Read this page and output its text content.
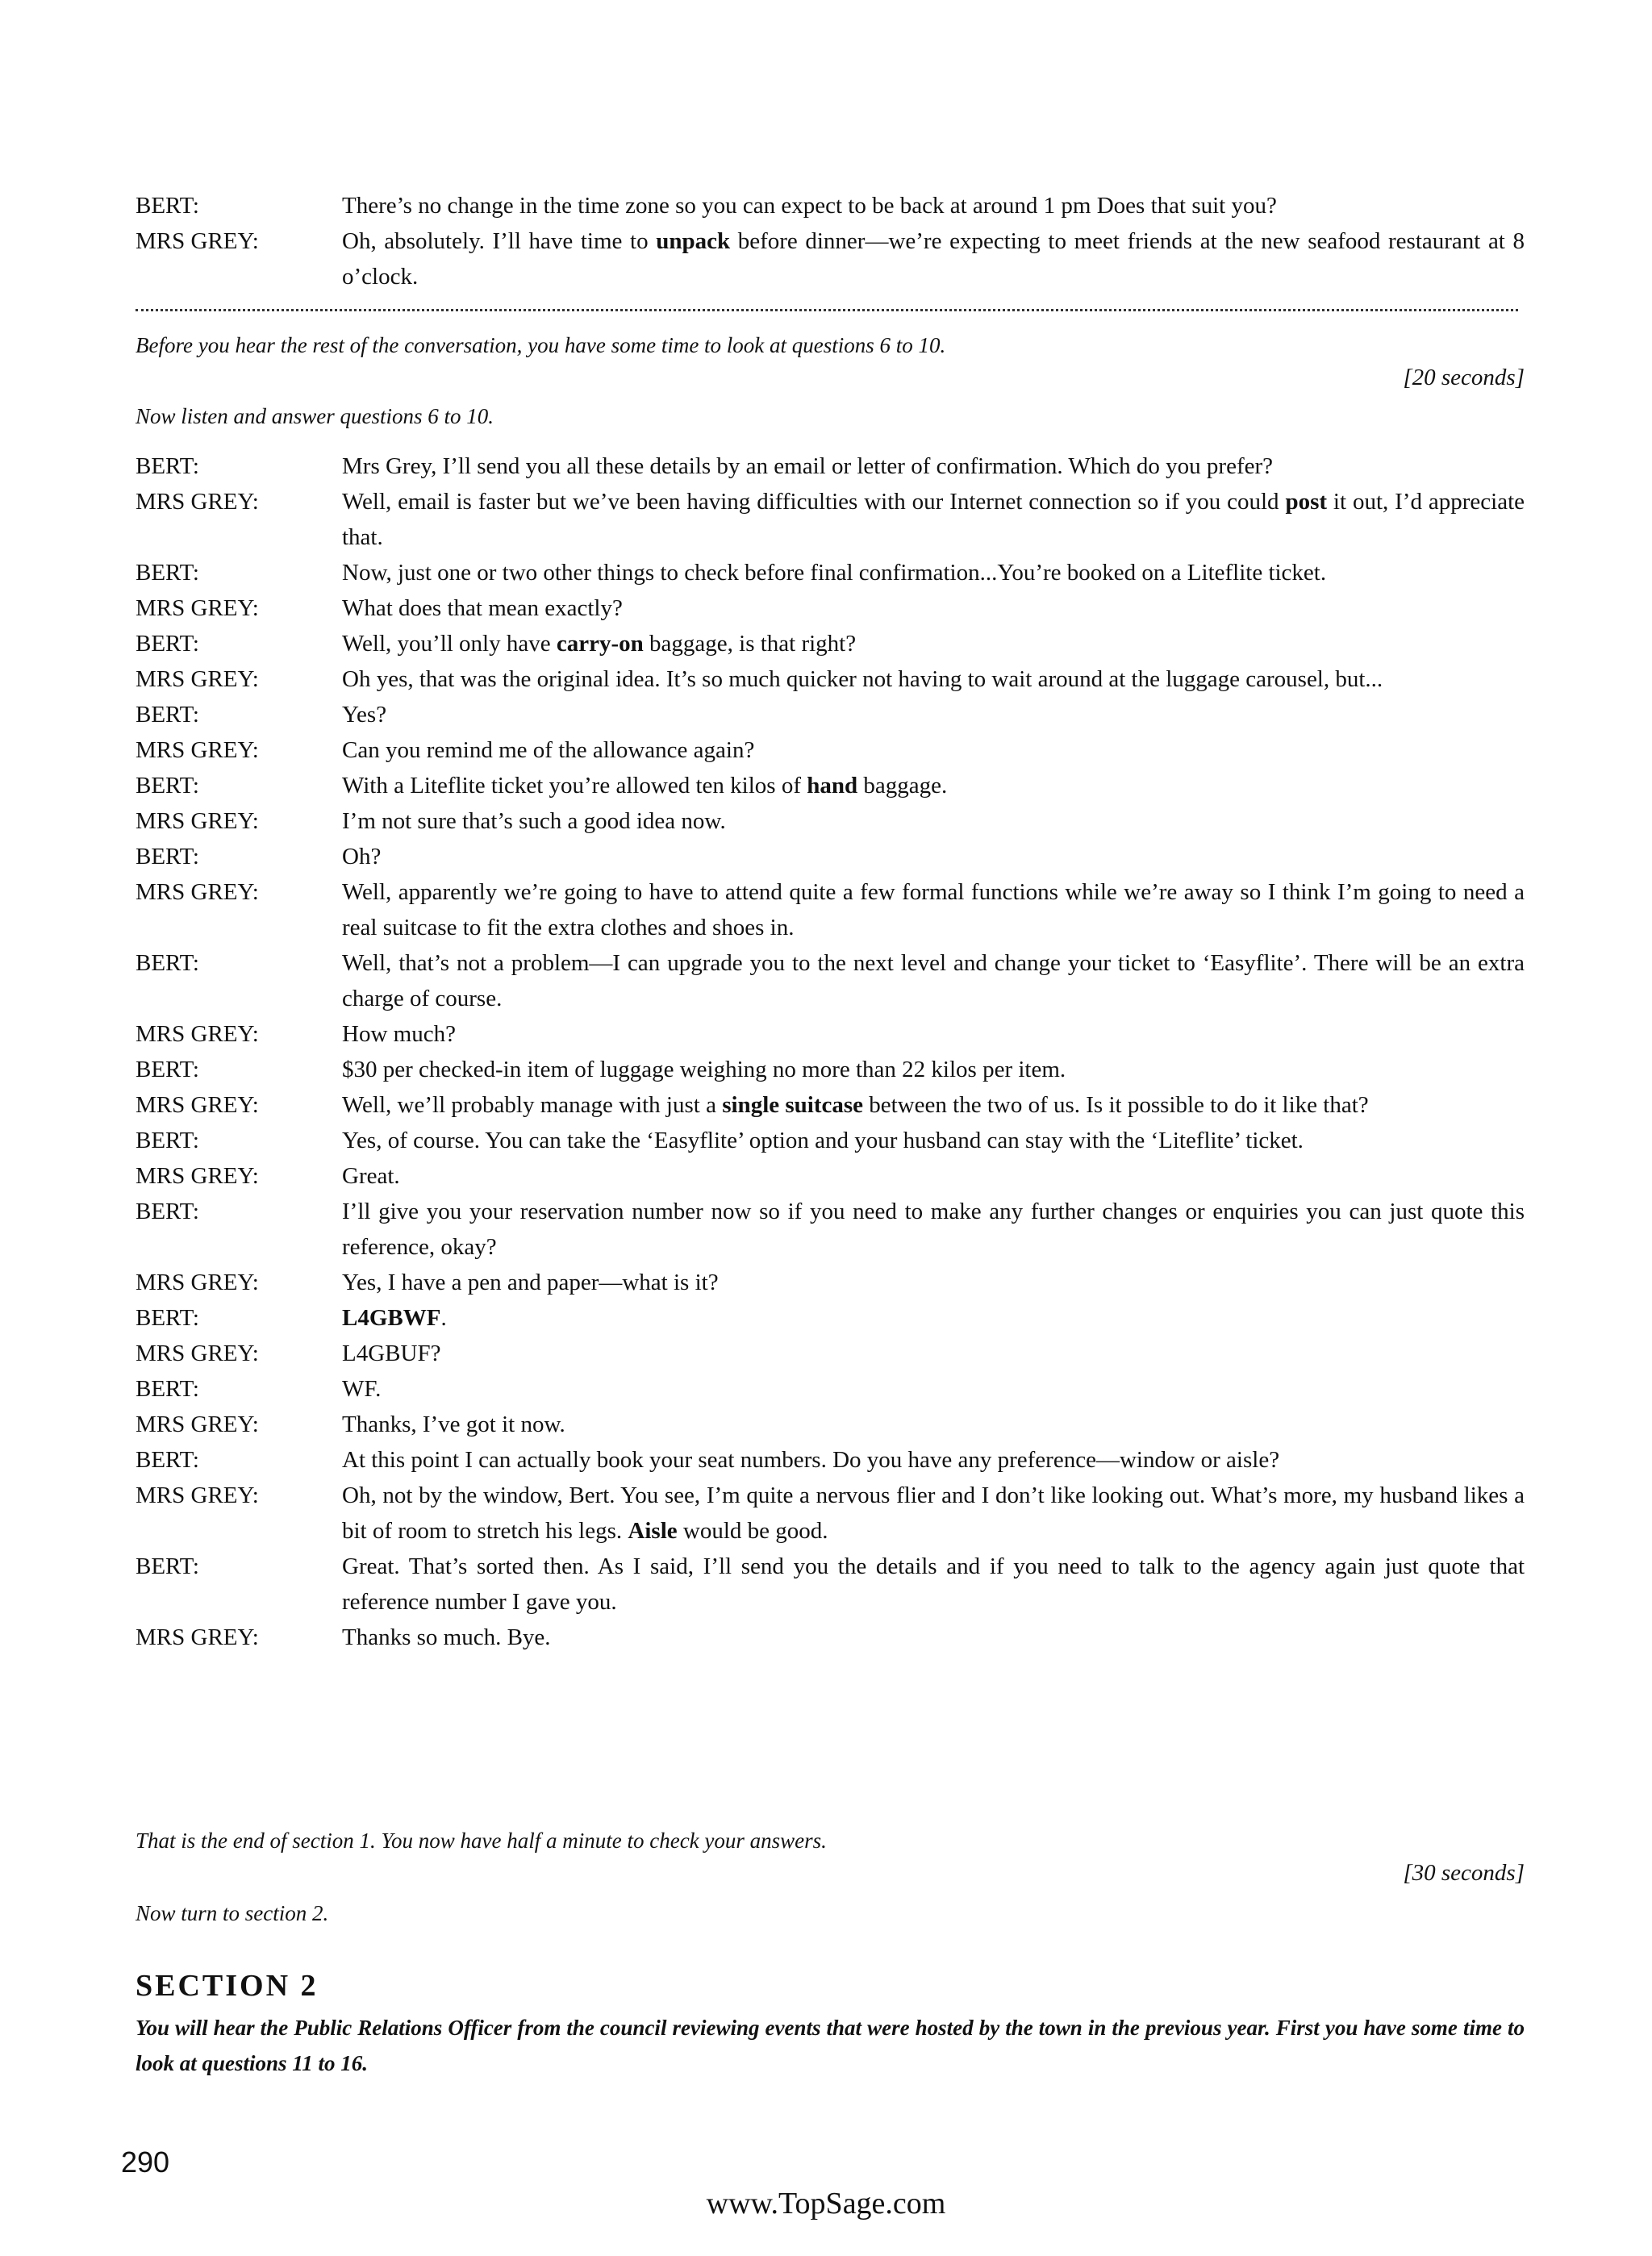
BERT:	There’s no change in the time zone so you can expect to be back at around 1 pm Does that suit you?
MRS GREY:	Oh, absolutely. I’ll have time to unpack before dinner—we’re expecting to meet friends at the new seafood restaurant at 8 o’clock.
Before you hear the rest of the conversation, you have some time to look at questions 6 to 10.
[20 seconds]
Now listen and answer questions 6 to 10.
BERT:	Mrs Grey, I’ll send you all these details by an email or letter of confirmation. Which do you prefer?
MRS GREY:	Well, email is faster but we’ve been having difficulties with our Internet connection so if you could post it out, I’d appreciate that.
BERT:	Now, just one or two other things to check before final confirmation...You’re booked on a Liteflite ticket.
MRS GREY:	What does that mean exactly?
BERT:	Well, you’ll only have carry-on baggage, is that right?
MRS GREY:	Oh yes, that was the original idea. It’s so much quicker not having to wait around at the luggage carousel, but...
BERT:	Yes?
MRS GREY:	Can you remind me of the allowance again?
BERT:	With a Liteflite ticket you’re allowed ten kilos of hand baggage.
MRS GREY:	I’m not sure that’s such a good idea now.
BERT:	Oh?
MRS GREY:	Well, apparently we’re going to have to attend quite a few formal functions while we’re away so I think I’m going to need a real suitcase to fit the extra clothes and shoes in.
BERT:	Well, that’s not a problem—I can upgrade you to the next level and change your ticket to ‘Easyflite’. There will be an extra charge of course.
MRS GREY:	How much?
BERT:	$30 per checked-in item of luggage weighing no more than 22 kilos per item.
MRS GREY:	Well, we’ll probably manage with just a single suitcase between the two of us. Is it possible to do it like that?
BERT:	Yes, of course. You can take the ‘Easyflite’ option and your husband can stay with the ‘Liteflite’ ticket.
MRS GREY:	Great.
BERT:	I’ll give you your reservation number now so if you need to make any further changes or enquiries you can just quote this reference, okay?
MRS GREY:	Yes, I have a pen and paper—what is it?
BERT:	L4GBWF.
MRS GREY:	L4GBUF?
BERT:	WF.
MRS GREY:	Thanks, I’ve got it now.
BERT:	At this point I can actually book your seat numbers. Do you have any preference—window or aisle?
MRS GREY:	Oh, not by the window, Bert. You see, I’m quite a nervous flier and I don’t like looking out. What’s more, my husband likes a bit of room to stretch his legs. Aisle would be good.
BERT:	Great. That’s sorted then. As I said, I’ll send you the details and if you need to talk to the agency again just quote that reference number I gave you.
MRS GREY:	Thanks so much. Bye.
That is the end of section 1. You now have half a minute to check your answers.
[30 seconds]
Now turn to section 2.
SECTION 2
You will hear the Public Relations Officer from the council reviewing events that were hosted by the town in the previous year. First you have some time to look at questions 11 to 16.
290
www.TopSage.com
